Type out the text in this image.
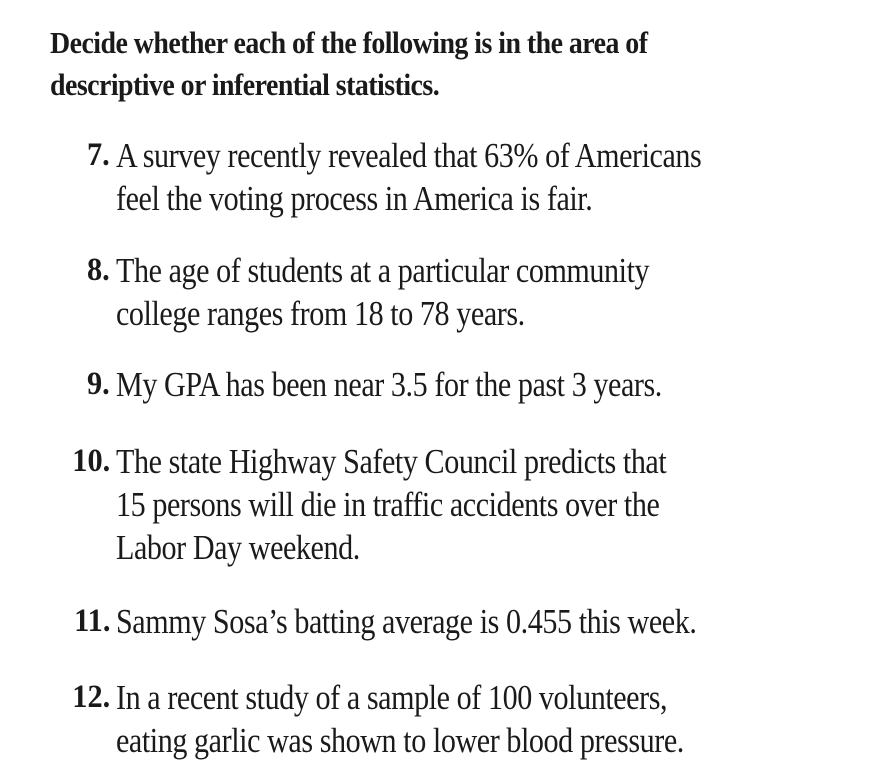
Decide whether each of the following is in the area of
descriptive or inferential statistics.
7. A survey recently revealed that 63% of Americans
feel the voting process in America is fair.
8. The age of students at a particular community
college ranges from 18 to 78 years.
9. My GPA has been near 3.5 for the past 3 years.
10. The state Highway Safety Council predicts that
15 persons will die in traffic accidents over the
Labor Day weekend.
11. Sammy Sosa’s batting average is 0.455 this week.
12. In a recent study of a sample of 100 volunteers,
eating garlic was shown to lower blood pressure.
